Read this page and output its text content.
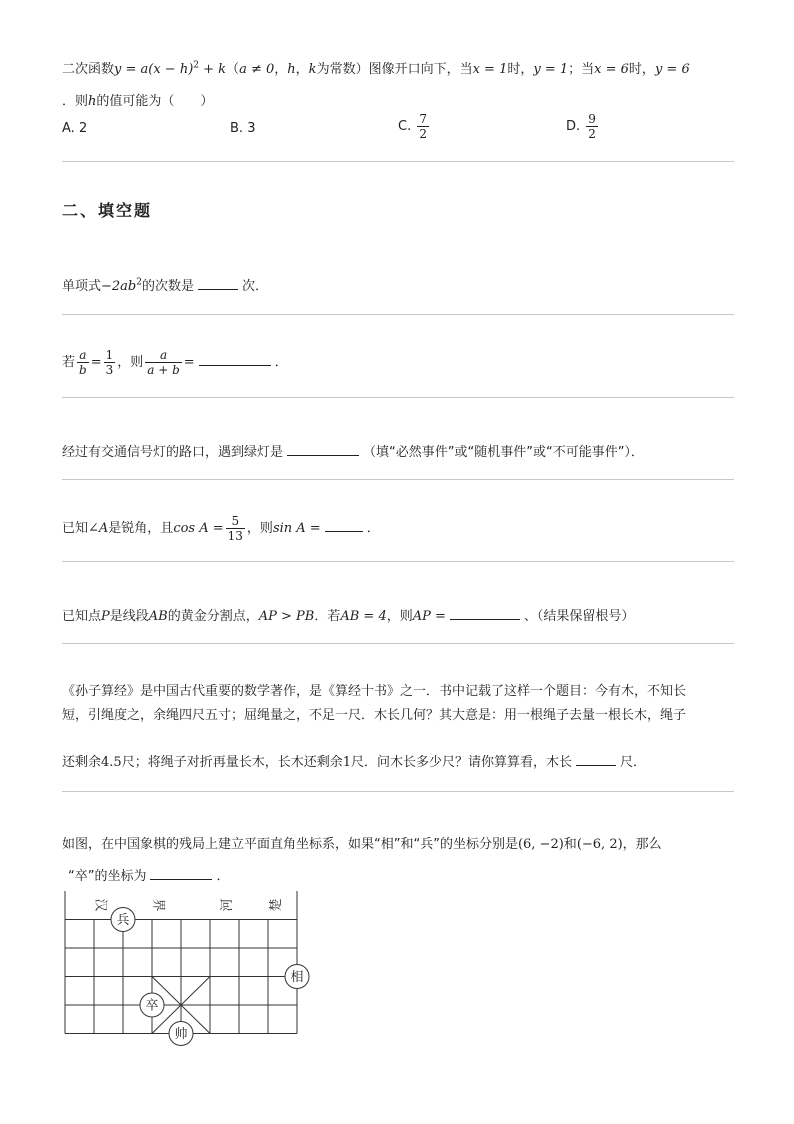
二次函数$y = a(x - h)^2 + k(a \ne 0$，h，k为常数）图像开口向下，当x = 1时，y = 1；当x = 6时，y = 6
．则h的值可能为（　　）
A. 2	B. 3	C. $\frac{7}{2}$	D. $\frac{9}{2}$
二、填空题
单项式$-2ab^2$的次数是	次．
若 $\frac{a}{b} = \frac{1}{3}$ ，则 $\frac{a}{a + b}$ =	．
经过有交通信号灯的路口，遇到绿灯是	（填“必然事件”或“随机事件”或“不可能事件”）．
已知∠A是锐角，且$\cos A = \frac{5}{13}$ ，则sin A =	．
已知点P是线段AB的黄金分割点，AP > PB．若AB = 4，则AP =	、（结果保留根号）
《孙子算经》是中国古代重要的数学著作，是《算经十书》之一．书中记载了这样一个题目：今有木，不知长
短，引绳度之，余绳四尺五寸；屈绳量之，不足一尺．木长几何？其大意是：用一根绳子去量一根长木，绳子
还剩余4.5尺；将绳子对折再量长木，长木还剩余1尺．问木长多少尺？请你算算看，木长	尺．
如图，在中国象棋的残局上建立平面直角坐标系，如果“相”和“兵”的坐标分别是(6, −2)和(−6, 2)，那么
“卒”的坐标为	．
汉	界	河	楚
兵
相
卒
帅
